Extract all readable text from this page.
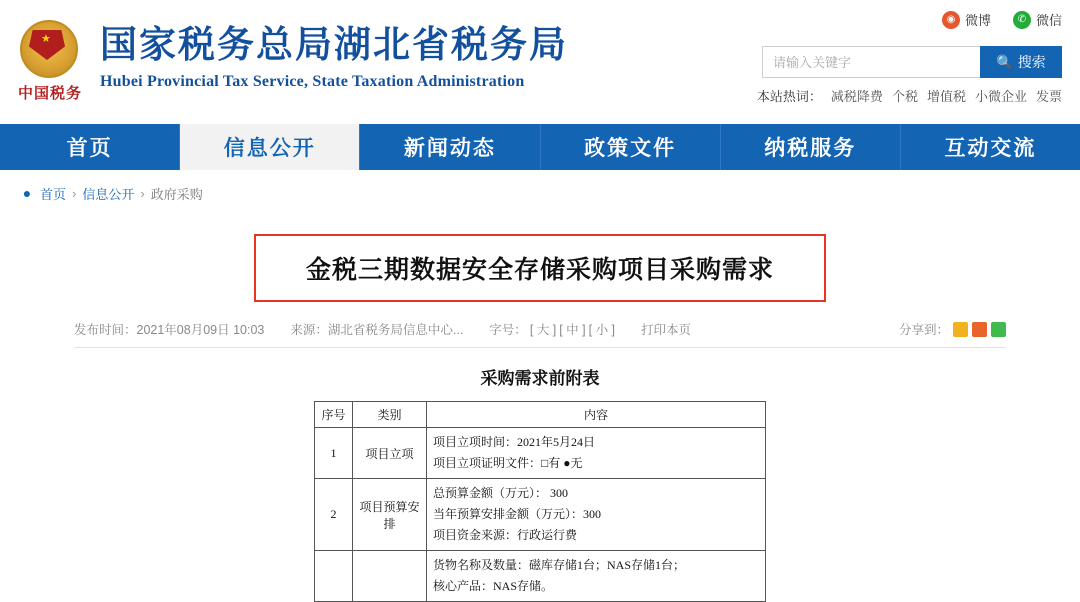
◉ 微博	✆ 微信
★
中国税务
国家税务总局湖北省税务局
Hubei Provincial Tax Service, State Taxation Administration
请输入关键字
🔍 搜索
本站热词： 减税降费 个税 增值税 小微企业 发票
首页	信息公开	新闻动态	政策文件	纳税服务	互动交流
● 首页 › 信息公开 › 政府采购
金税三期数据安全存储采购项目采购需求
发布时间：2021年08月09日 10:03 来源：湖北省税务局信息中心... 字号： [ 大 ] [ 中 ] [ 小 ] 打印本页	分享到：
采购需求前附表
序号	类别	内容
1	项目立项	项目立项时间：2021年5月24日
项目立项证明文件：□有 ●无

2	项目预算安排	总预算金额（万元）： 300
当年预算安排金额（万元）：300
项目资金来源：行政运行费

		货物名称及数量：磁库存储1台；NAS存储1台；
核心产品：NAS存储。
